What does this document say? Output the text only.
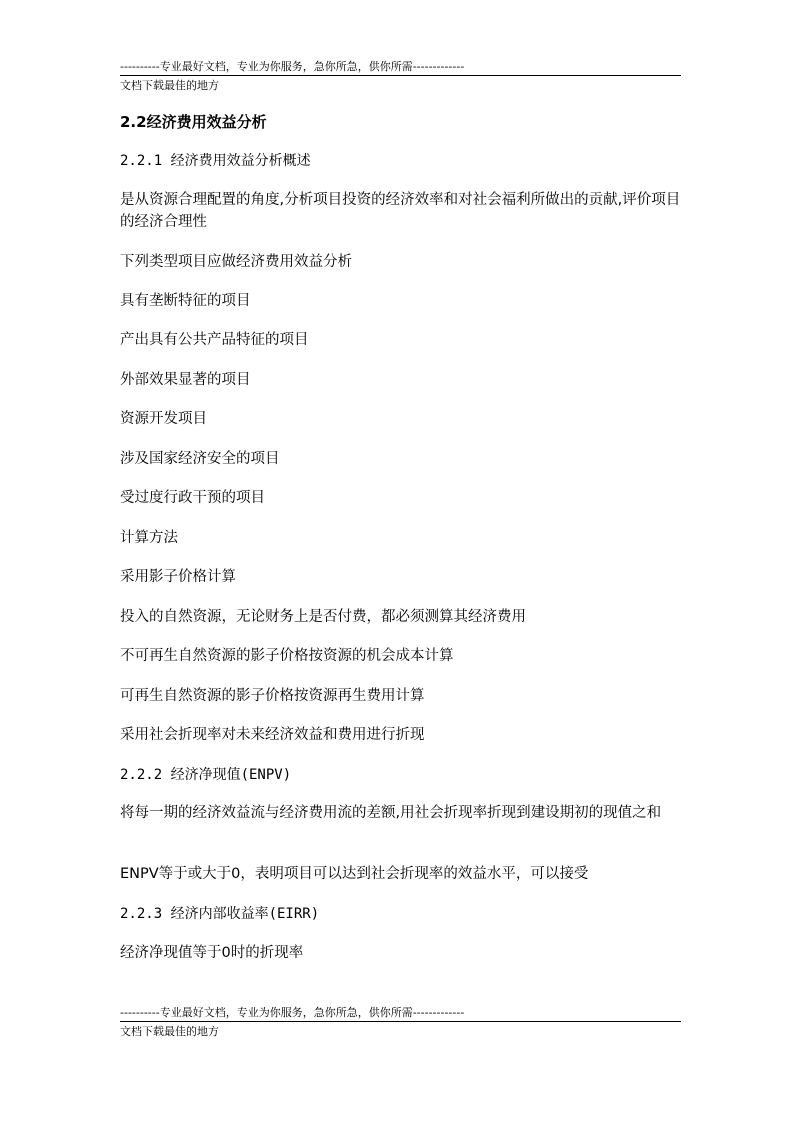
----------专业最好文档，专业为你服务，急你所急，供你所需-------------
文档下载最佳的地方
2.2经济费用效益分析
2.2.1 经济费用效益分析概述
是从资源合理配置的角度,分析项目投资的经济效率和对社会福利所做出的贡献,评价项目的经济合理性
下列类型项目应做经济费用效益分析
具有垄断特征的项目
产出具有公共产品特征的项目
外部效果显著的项目
资源开发项目
涉及国家经济安全的项目
受过度行政干预的项目
计算方法
采用影子价格计算
投入的自然资源，无论财务上是否付费，都必须测算其经济费用
不可再生自然资源的影子价格按资源的机会成本计算
可再生自然资源的影子价格按资源再生费用计算
采用社会折现率对未来经济效益和费用进行折现
2.2.2 经济净现值(ENPV)
将每一期的经济效益流与经济费用流的差额,用社会折现率折现到建设期初的现值之和
ENPV等于或大于0，表明项目可以达到社会折现率的效益水平，可以接受
2.2.3 经济内部收益率(EIRR)
经济净现值等于0时的折现率
----------专业最好文档，专业为你服务，急你所急，供你所需-------------
文档下载最佳的地方
